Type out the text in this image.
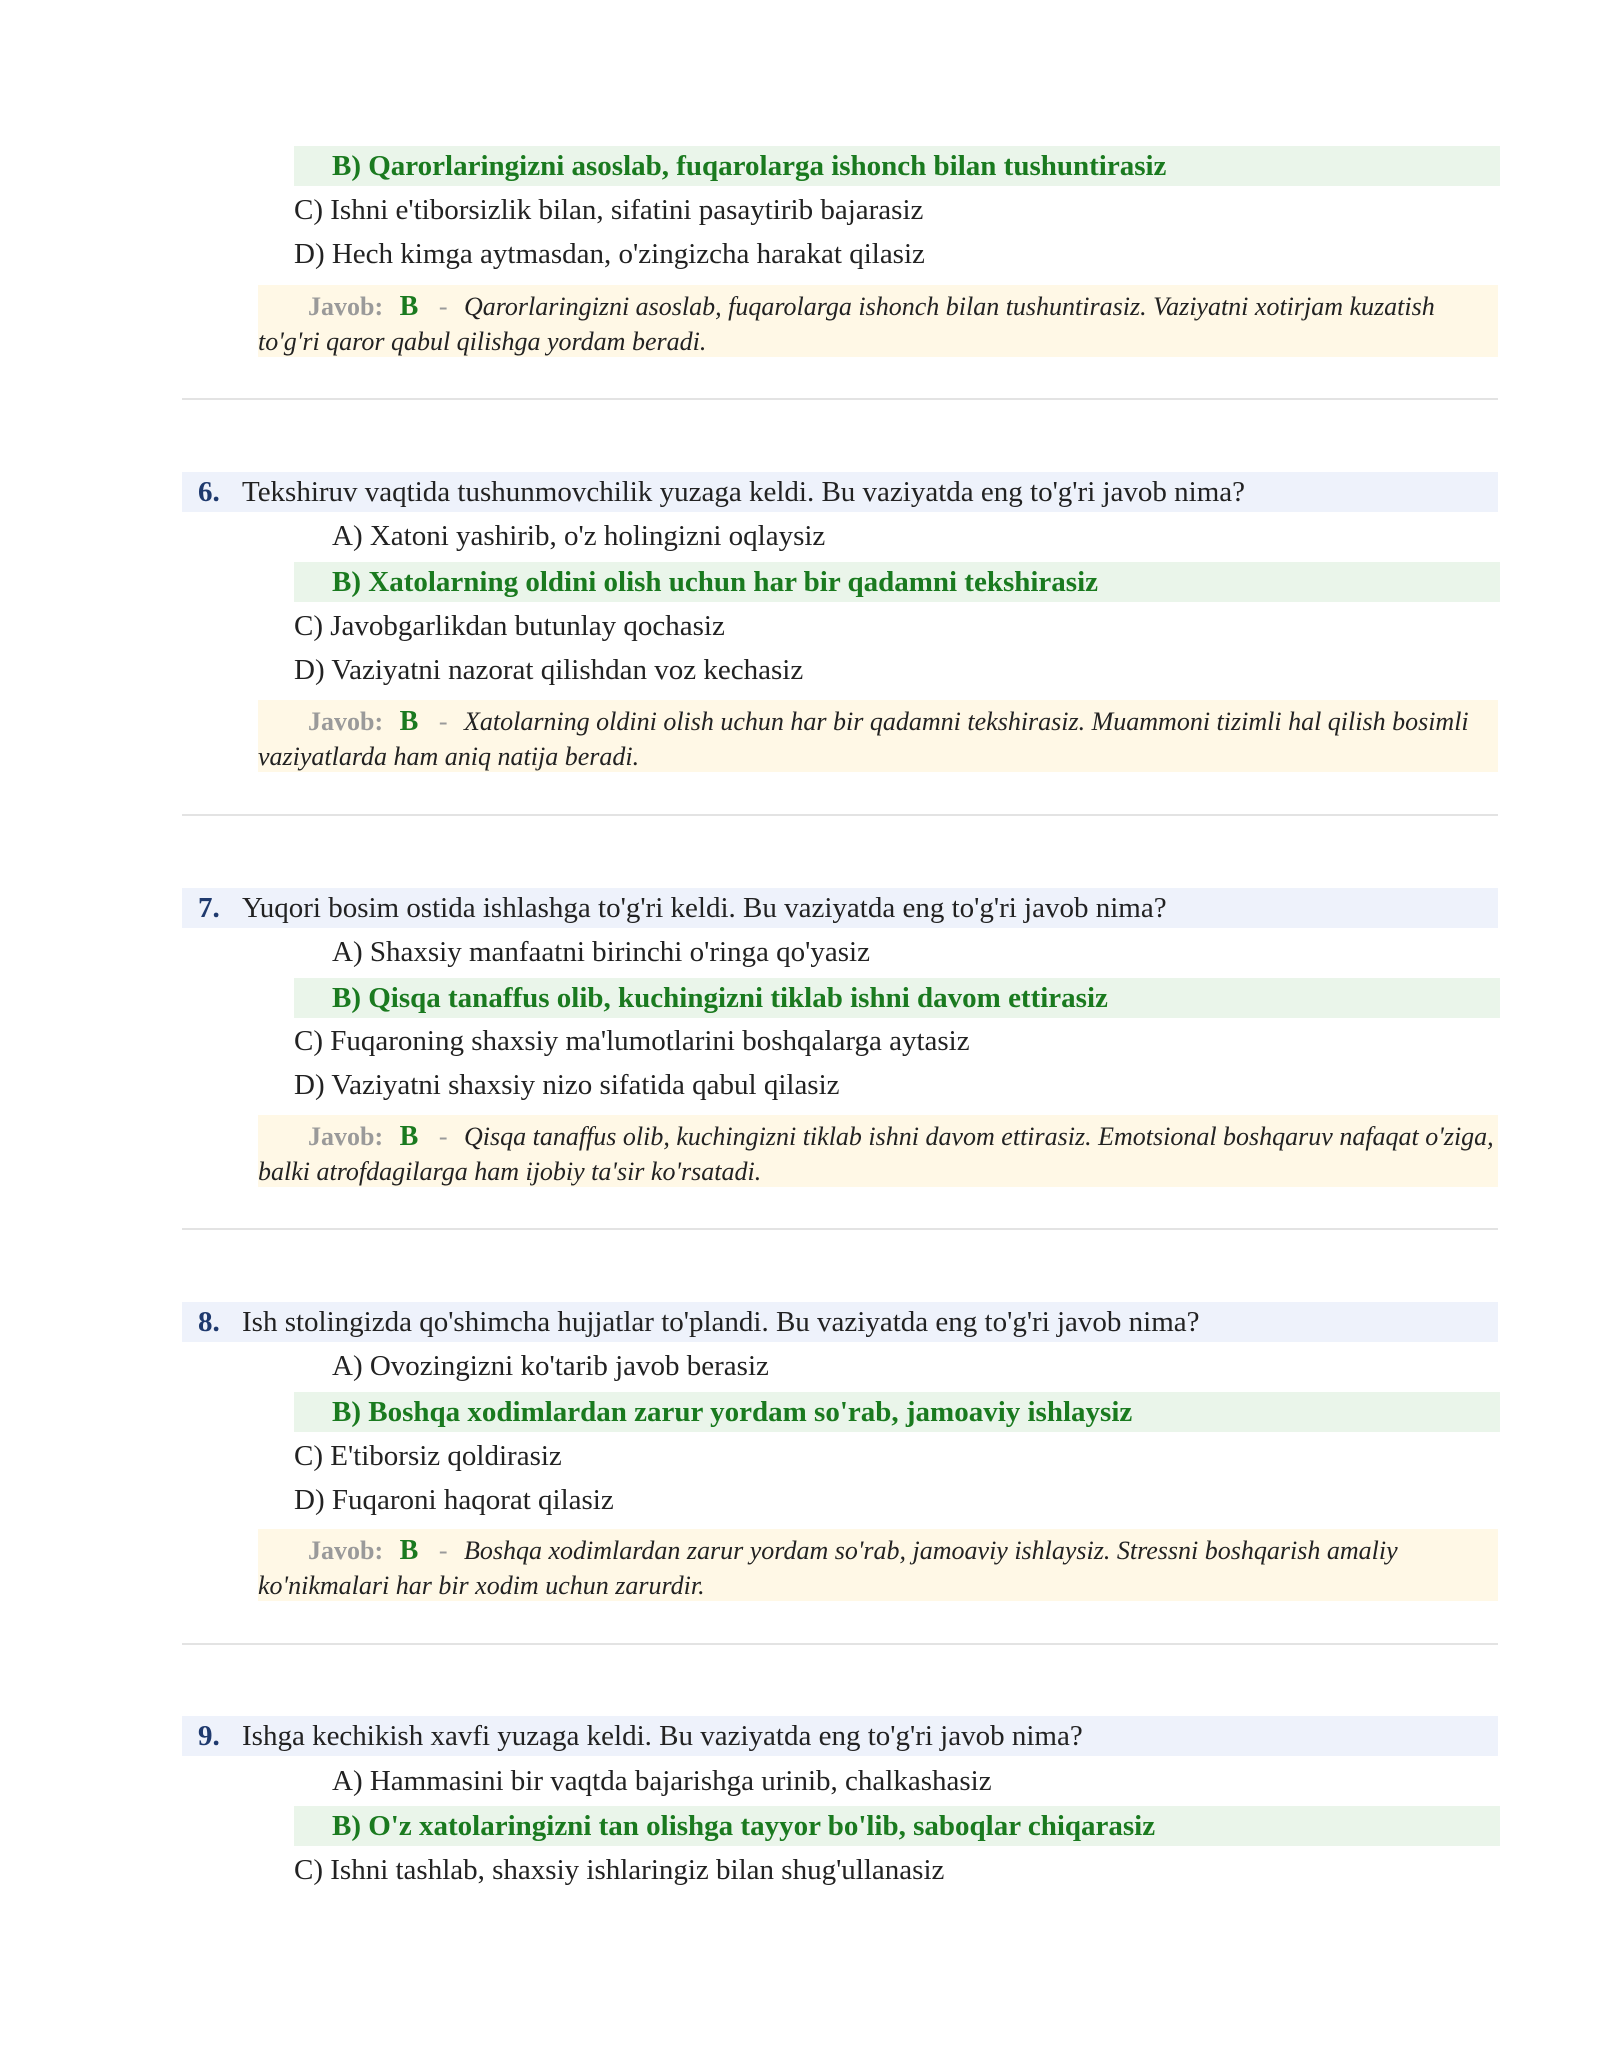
B) Qarorlaringizni asoslab, fuqarolarga ishonch bilan tushuntirasiz
C) Ishni e'tiborsizlik bilan, sifatini pasaytirib bajarasiz
D) Hech kimga aytmasdan, o'zingizcha harakat qilasiz
Javob: B - Qarorlaringizni asoslab, fuqarolarga ishonch bilan tushuntirasiz. Vaziyatni xotirjam kuzatish to'g'ri qaror qabul qilishga yordam beradi.
6. Tekshiruv vaqtida tushunmovchilik yuzaga keldi. Bu vaziyatda eng to'g'ri javob nima?
A) Xatoni yashirib, o'z holingizni oqlaysiz
B) Xatolarning oldini olish uchun har bir qadamni tekshirasiz
C) Javobgarlikdan butunlay qochasiz
D) Vaziyatni nazorat qilishdan voz kechasiz
Javob: B - Xatolarning oldini olish uchun har bir qadamni tekshirasiz. Muammoni tizimli hal qilish bosimli vaziyatlarda ham aniq natija beradi.
7. Yuqori bosim ostida ishlashga to'g'ri keldi. Bu vaziyatda eng to'g'ri javob nima?
A) Shaxsiy manfaatni birinchi o'ringa qo'yasiz
B) Qisqa tanaffus olib, kuchingizni tiklab ishni davom ettirasiz
C) Fuqaroning shaxsiy ma'lumotlarini boshqalarga aytasiz
D) Vaziyatni shaxsiy nizo sifatida qabul qilasiz
Javob: B - Qisqa tanaffus olib, kuchingizni tiklab ishni davom ettirasiz. Emotsional boshqaruv nafaqat o'ziga, balki atrofdagilarga ham ijobiy ta'sir ko'rsatadi.
8. Ish stolingizda qo'shimcha hujjatlar to'plandi. Bu vaziyatda eng to'g'ri javob nima?
A) Ovozingizni ko'tarib javob berasiz
B) Boshqa xodimlardan zarur yordam so'rab, jamoaviy ishlaysiz
C) E'tiborsiz qoldirasiz
D) Fuqaroni haqorat qilasiz
Javob: B - Boshqa xodimlardan zarur yordam so'rab, jamoaviy ishlaysiz. Stressni boshqarish amaliy ko'nikmalari har bir xodim uchun zarurdir.
9. Ishga kechikish xavfi yuzaga keldi. Bu vaziyatda eng to'g'ri javob nima?
A) Hammasini bir vaqtda bajarishga urinib, chalkashasiz
B) O'z xatolaringizni tan olishga tayyor bo'lib, saboqlar chiqarasiz
C) Ishni tashlab, shaxsiy ishlaringiz bilan shug'ullanasiz
